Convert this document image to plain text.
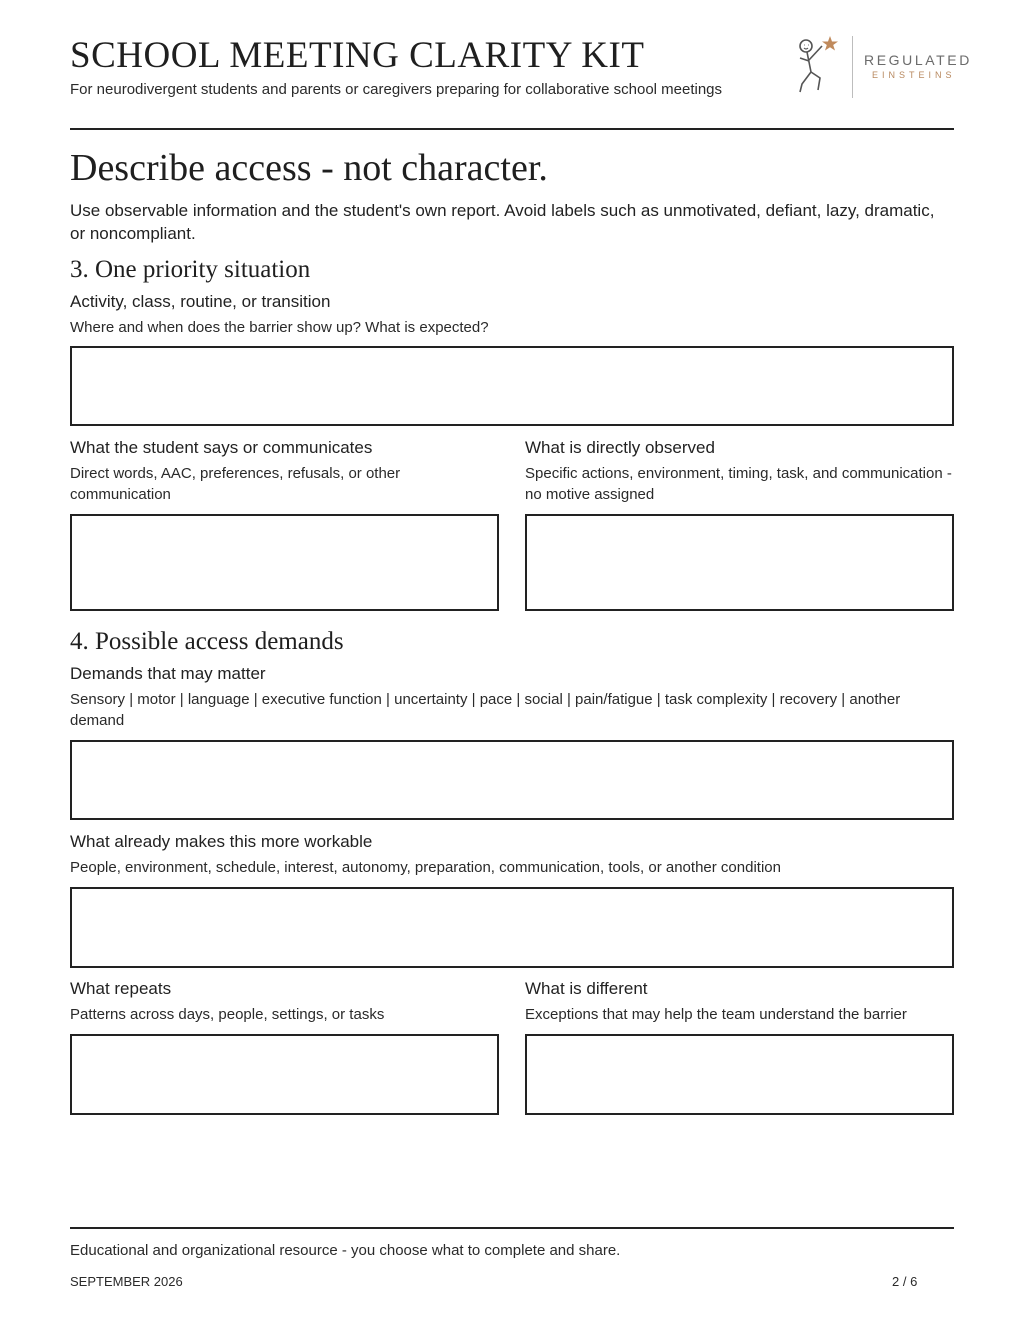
SCHOOL MEETING CLARITY KIT
For neurodivergent students and parents or caregivers preparing for collaborative school meetings
REGULATED
EINSTEINS
Describe access - not character.
Use observable information and the student's own report. Avoid labels such as unmotivated, defiant, lazy, dramatic, or noncompliant.
3. One priority situation
Activity, class, routine, or transition
Where and when does the barrier show up? What is expected?
What the student says or communicates
Direct words, AAC, preferences, refusals, or other communication
What is directly observed
Specific actions, environment, timing, task, and communication - no motive assigned
4. Possible access demands
Demands that may matter
Sensory | motor | language | executive function | uncertainty | pace | social | pain/fatigue | task complexity | recovery | another demand
What already makes this more workable
People, environment, schedule, interest, autonomy, preparation, communication, tools, or another condition
What repeats
Patterns across days, people, settings, or tasks
What is different
Exceptions that may help the team understand the barrier
Educational and organizational resource - you choose what to complete and share.
SEPTEMBER 2026	2 / 6
